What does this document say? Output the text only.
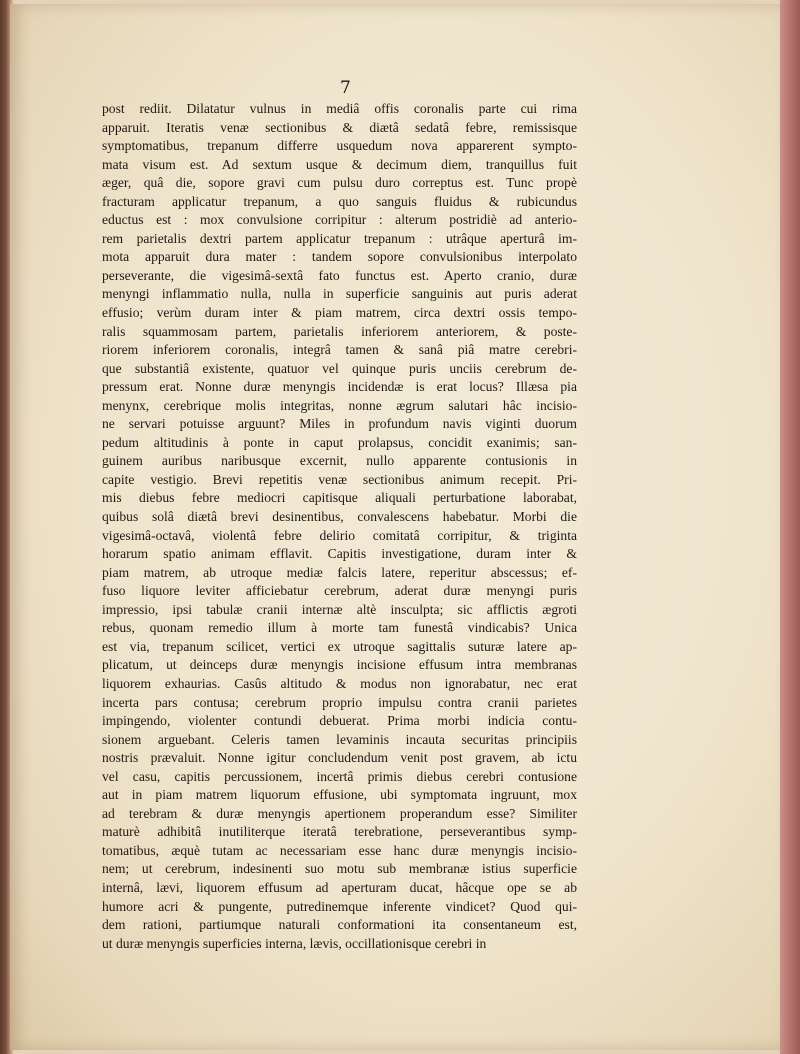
7
post rediit. Dilatatur vulnus in mediâ offis coronalis parte cui rima
apparuit. Iteratis venæ sectionibus & diætâ sedatâ febre, remissisque
symptomatibus, trepanum differre usquedum nova apparerent sympto-
mata visum est. Ad sextum usque & decimum diem, tranquillus fuit
æger, quâ die, sopore gravi cum pulsu duro correptus est. Tunc propè
fracturam applicatur trepanum, a quo sanguis fluidus & rubicundus
eductus est : mox convulsione corripitur : alterum postridiè ad anterio-
rem parietalis dextri partem applicatur trepanum : utrâque aperturâ im-
mota apparuit dura mater : tandem sopore convulsionibus interpolato
perseverante, die vigesimâ-sextâ fato functus est. Aperto cranio, duræ
menyngi inflammatio nulla, nulla in superficie sanguinis aut puris aderat
effusio; verùm duram inter & piam matrem, circa dextri ossis tempo-
ralis squammosam partem, parietalis inferiorem anteriorem, & poste-
riorem inferiorem coronalis, integrâ tamen & sanâ piâ matre cerebri-
que substantiâ existente, quatuor vel quinque puris unciis cerebrum de-
pressum erat. Nonne duræ menyngis incidendæ is erat locus? Illæsa pia
menynx, cerebrique molis integritas, nonne ægrum salutari hâc incisio-
ne servari potuisse arguunt? Miles in profundum navis viginti duorum
pedum altitudinis à ponte in caput prolapsus, concidit exanimis; san-
guinem auribus naribusque excernit, nullo apparente contusionis in
capite vestigio. Brevi repetitis venæ sectionibus animum recepit. Pri-
mis diebus febre mediocri capitisque aliquali perturbatione laborabat,
quibus solâ diætâ brevi desinentibus, convalescens habebatur. Morbi die
vigesimâ-octavâ, violentâ febre delirio comitatâ corripitur, & triginta
horarum spatio animam efflavit. Capitis investigatione, duram inter &
piam matrem, ab utroque mediæ falcis latere, reperitur abscessus; ef-
fuso liquore leviter afficiebatur cerebrum, aderat duræ menyngi puris
impressio, ipsi tabulæ cranii internæ altè insculpta; sic afflictis ægroti
rebus, quonam remedio illum à morte tam funestâ vindicabis? Unica
est via, trepanum scilicet, vertici ex utroque sagittalis suturæ latere ap-
plicatum, ut deinceps duræ menyngis incisione effusum intra membranas
liquorem exhaurias. Casûs altitudo & modus non ignorabatur, nec erat
incerta pars contusa; cerebrum proprio impulsu contra cranii parietes
impingendo, violenter contundi debuerat. Prima morbi indicia contu-
sionem arguebant. Celeris tamen levaminis incauta securitas principiis
nostris prævaluit. Nonne igitur concludendum venit post gravem, ab ictu
vel casu, capitis percussionem, incertâ primis diebus cerebri contusione
aut in piam matrem liquorum effusione, ubi symptomata ingruunt, mox
ad terebram & duræ menyngis apertionem properandum esse? Similiter
maturè adhibitâ inutiliterque iteratâ terebratione, perseverantibus symp-
tomatibus, æquè tutam ac necessariam esse hanc duræ menyngis incisio-
nem; ut cerebrum, indesinenti suo motu sub membranæ istius superficie
internâ, lævi, liquorem effusum ad aperturam ducat, hâcque ope se ab
humore acri & pungente, putredinemque inferente vindicet? Quod qui-
dem rationi, partiumque naturali conformationi ita consentaneum est,
ut duræ menyngis superficies interna, lævis, occillationisque cerebri in
